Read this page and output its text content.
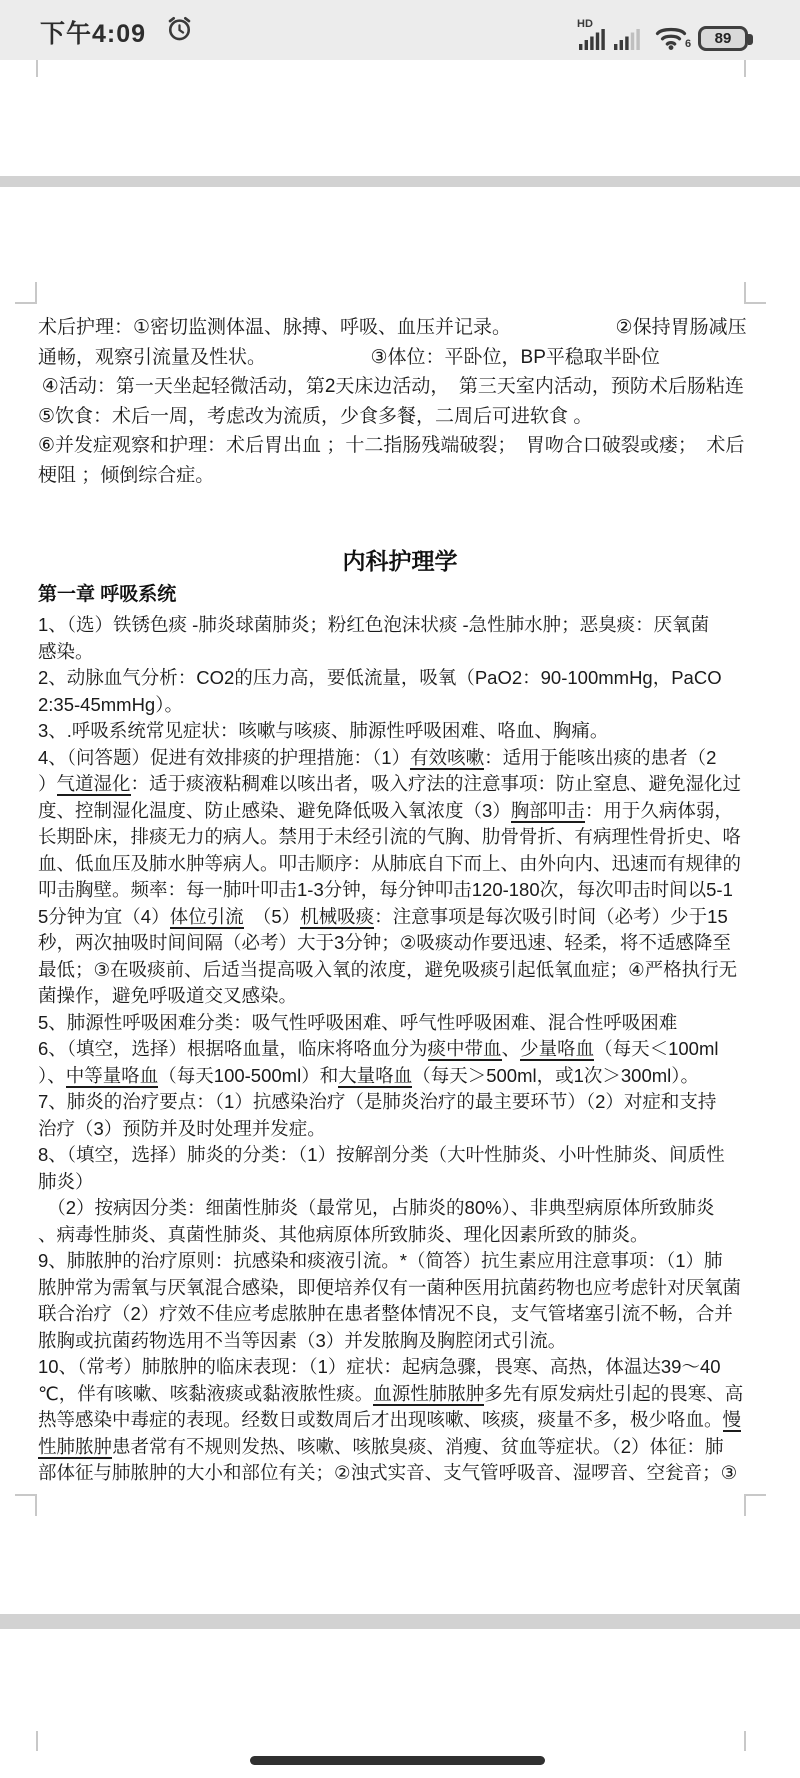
下午4:09	HD
6	89
术后护理：①密切监测体温、脉搏、呼吸、血压并记录。　　　　　　②保持胃肠减压
通畅，观察引流量及性状。　　　　　　③体位：平卧位，BP平稳取半卧位
 ④活动：第一天坐起轻微活动，第2天床边活动，　第三天室内活动，预防术后肠粘连
⑤饮食：术后一周，考虑改为流质，少食多餐，二周后可进软食 。
⑥并发症观察和护理：术后胃出血 ；十二指肠残端破裂；　胃吻合口破裂或瘘；　术后
梗阻 ；倾倒综合症。
内科护理学
第一章 呼吸系统
1、（选）铁锈色痰 -肺炎球菌肺炎；粉红色泡沫状痰 -急性肺水肿；恶臭痰：厌氧菌
感染。
2、动脉血气分析：CO2的压力高，要低流量，吸氧（PaO2：90-100mmHg，PaCO
2:35-45mmHg）。
3、.呼吸系统常见症状：咳嗽与咳痰、肺源性呼吸困难、咯血、胸痛。
4、（问答题）促进有效排痰的护理措施：（1）有效咳嗽：适用于能咳出痰的患者（2
）气道湿化：适于痰液粘稠难以咳出者，吸入疗法的注意事项：防止窒息、避免湿化过
度、控制湿化温度、防止感染、避免降低吸入氧浓度（3）胸部叩击：用于久病体弱，
长期卧床，排痰无力的病人。禁用于未经引流的气胸、肋骨骨折、有病理性骨折史、咯
血、低血压及肺水肿等病人。叩击顺序：从肺底自下而上、由外向内、迅速而有规律的
叩击胸壁。频率：每一肺叶叩击1-3分钟，每分钟叩击120-180次，每次叩击时间以5-1
5分钟为宜（4）体位引流　（5）机械吸痰：注意事项是每次吸引时间（必考）少于15
秒，两次抽吸时间间隔（必考）大于3分钟；②吸痰动作要迅速、轻柔，将不适感降至
最低；③在吸痰前、后适当提高吸入氧的浓度，避免吸痰引起低氧血症；④严格执行无
菌操作，避免呼吸道交叉感染。
5、肺源性呼吸困难分类：吸气性呼吸困难、呼气性呼吸困难、混合性呼吸困难
6、（填空，选择）根据咯血量，临床将咯血分为痰中带血、少量咯血（每天＜100ml
）、中等量咯血（每天100-500ml）和大量咯血（每天＞500ml，或1次＞300ml）。
7、肺炎的治疗要点：（1）抗感染治疗（是肺炎治疗的最主要环节）（2）对症和支持
治疗（3）预防并及时处理并发症。
8、（填空，选择）肺炎的分类：（1）按解剖分类（大叶性肺炎、小叶性肺炎、间质性
肺炎）
　（2）按病因分类：细菌性肺炎（最常见，占肺炎的80%）、非典型病原体所致肺炎
、病毒性肺炎、真菌性肺炎、其他病原体所致肺炎、理化因素所致的肺炎。
9、肺脓肿的治疗原则：抗感染和痰液引流。*（简答）抗生素应用注意事项：（1）肺
脓肿常为需氧与厌氧混合感染，即便培养仅有一菌种医用抗菌药物也应考虑针对厌氧菌
联合治疗（2）疗效不佳应考虑脓肿在患者整体情况不良，支气管堵塞引流不畅，合并
脓胸或抗菌药物选用不当等因素（3）并发脓胸及胸腔闭式引流。
10、（常考）肺脓肿的临床表现：（1）症状：起病急骤，畏寒、高热，体温达39～40
℃，伴有咳嗽、咳黏液痰或黏液脓性痰。血源性肺脓肿多先有原发病灶引起的畏寒、高
热等感染中毒症的表现。经数日或数周后才出现咳嗽、咳痰，痰量不多，极少咯血。慢
性肺脓肿患者常有不规则发热、咳嗽、咳脓臭痰、消瘦、贫血等症状。（2）体征：肺
部体征与肺脓肿的大小和部位有关；②浊式实音、支气管呼吸音、湿啰音、空瓮音；③
